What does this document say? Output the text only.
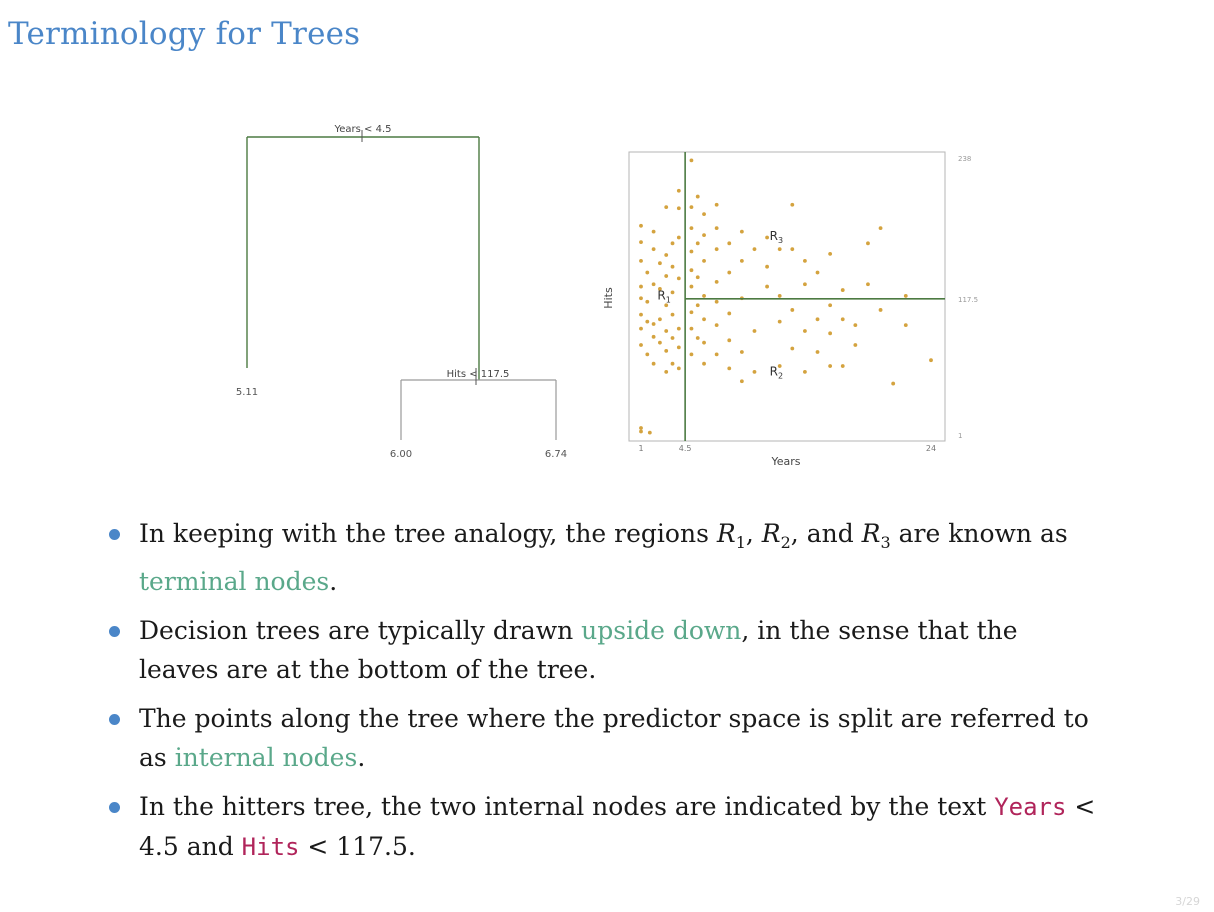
Terminology for Trees
Years < 4.5
Hits < 117.5
5.11
6.00	6.74
$R_1$
$R_2$
$R_3$
1	4.5	24
238
117.5
1
Years
Hits
In keeping with the tree analogy, the regions $R_1$, $R_2$, and $R_3$ are known as terminal nodes.
Decision trees are typically drawn upside down, in the sense that the leaves are at the bottom of the tree.
The points along the tree where the predictor space is split are referred to as internal nodes.
In the hitters tree, the two internal nodes are indicated by the text Years < 4.5 and Hits < 117.5.
3/29
